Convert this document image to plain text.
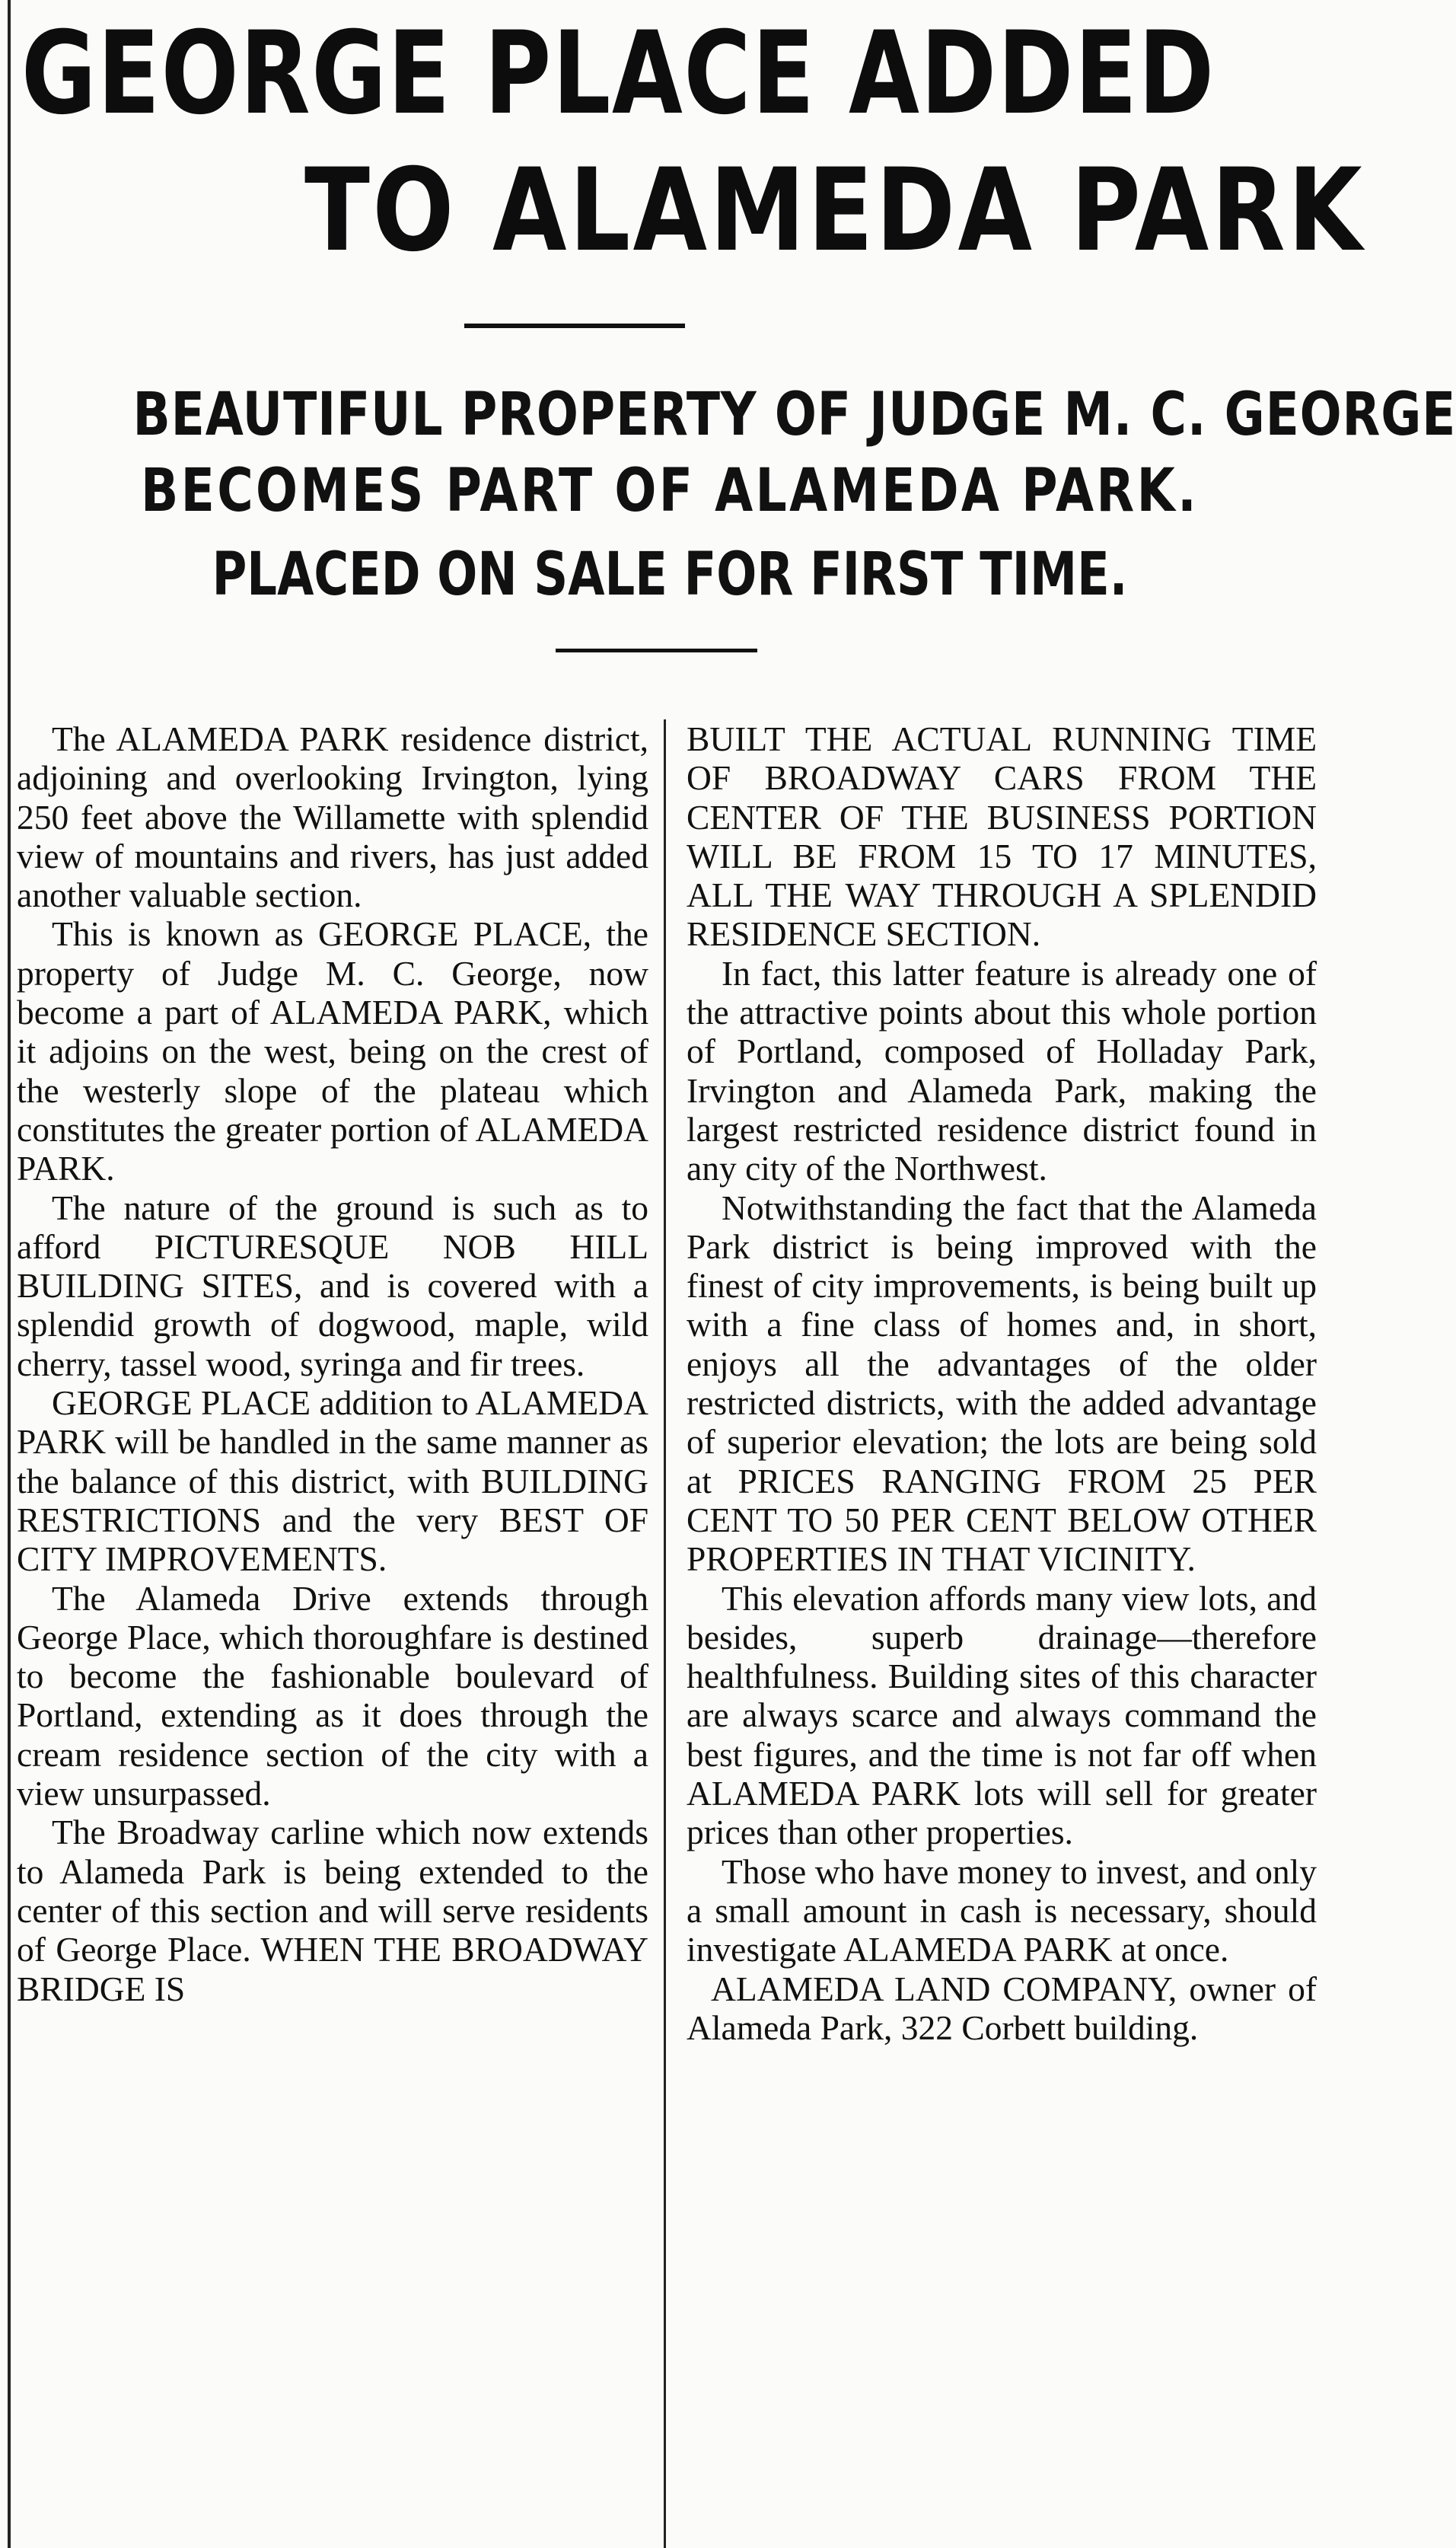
GEORGE PLACE ADDED
TO ALAMEDA PARK
BEAUTIFUL PROPERTY OF JUDGE M. C. GEORGE
BECOMES PART OF ALAMEDA PARK.
PLACED ON SALE FOR FIRST TIME.

The ALAMEDA PARK residence district, adjoining and overlooking Irvington, lying 250 feet above the Willamette with splendid view of mountains and rivers, has just added another valuable section.

This is known as GEORGE PLACE, the property of Judge M. C. George, now become a part of ALAMEDA PARK, which it adjoins on the west, being on the crest of the westerly slope of the plateau which constitutes the greater portion of ALAMEDA PARK.

The nature of the ground is such as to afford PICTURESQUE NOB HILL BUILDING SITES, and is covered with a splendid growth of dogwood, maple, wild cherry, tassel wood, syringa and fir trees.

GEORGE PLACE addition to ALAMEDA PARK will be handled in the same manner as the balance of this district, with BUILDING RESTRICTIONS and the very BEST OF CITY IMPROVEMENTS.

The Alameda Drive extends through George Place, which thoroughfare is destined to become the fashionable boulevard of Portland, extending as it does through the cream residence section of the city with a view unsurpassed.

The Broadway carline which now extends to Alameda Park is being extended to the center of this section and will serve residents of George Place. WHEN THE BROADWAY BRIDGE IS

BUILT THE ACTUAL RUNNING TIME OF BROADWAY CARS FROM THE CENTER OF THE BUSINESS PORTION WILL BE FROM 15 TO 17 MINUTES, ALL THE WAY THROUGH A SPLENDID RESIDENCE SECTION.

In fact, this latter feature is already one of the attractive points about this whole portion of Portland, composed of Holladay Park, Irvington and Alameda Park, making the largest restricted residence district found in any city of the Northwest.

Notwithstanding the fact that the Alameda Park district is being improved with the finest of city improvements, is being built up with a fine class of homes and, in short, enjoys all the advantages of the older restricted districts, with the added advantage of superior elevation; the lots are being sold at PRICES RANGING FROM 25 PER CENT TO 50 PER CENT BELOW OTHER PROPERTIES IN THAT VICINITY.

This elevation affords many view lots, and besides, superb drainage—therefore healthfulness. Building sites of this character are always scarce and always command the best figures, and the time is not far off when ALAMEDA PARK lots will sell for greater prices than other properties.

Those who have money to invest, and only a small amount in cash is necessary, should investigate ALAMEDA PARK at once.

ALAMEDA LAND COMPANY, owner of Alameda Park, 322 Corbett building.
